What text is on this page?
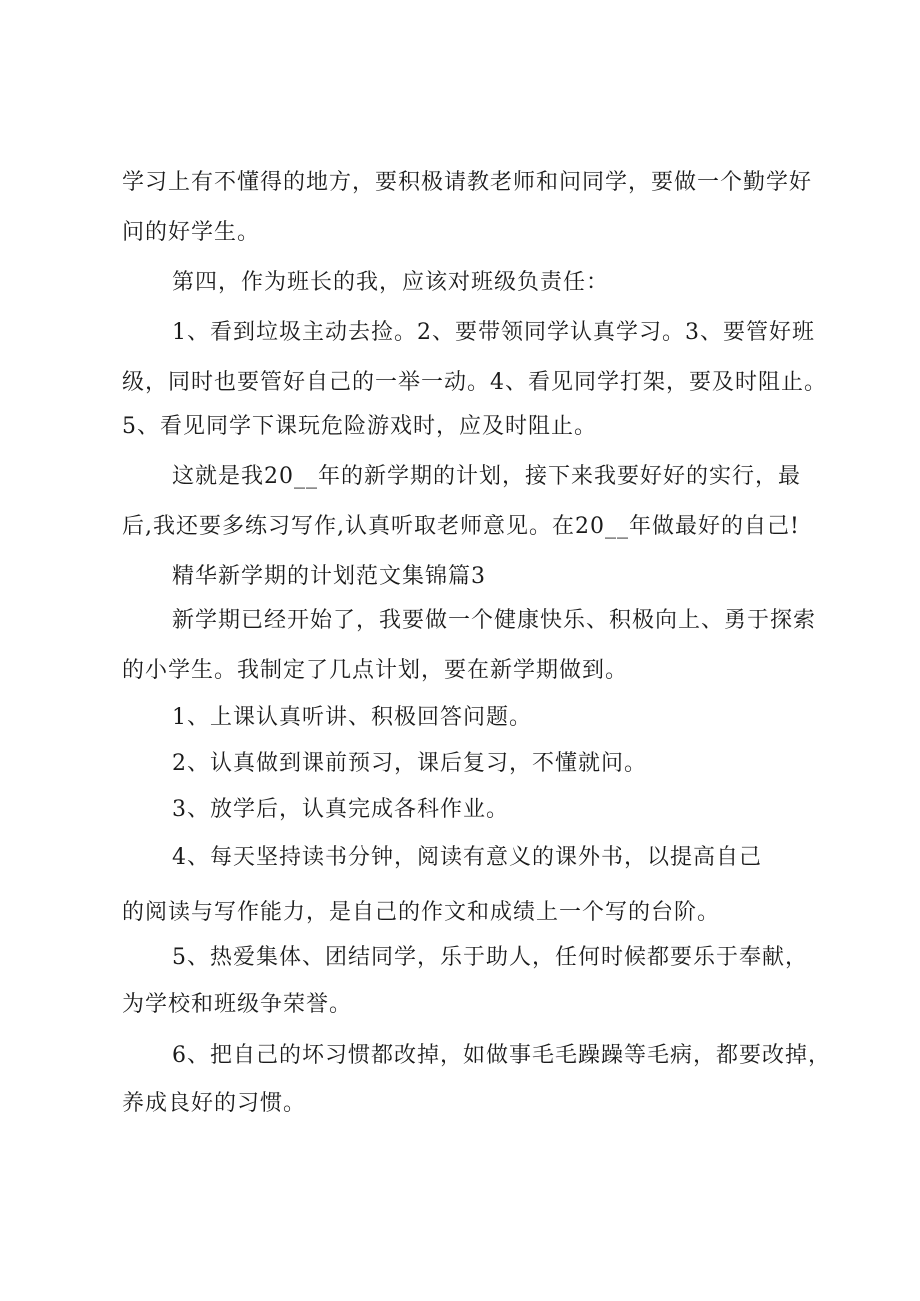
学习上有不懂得的地方，要积极请教老师和问同学，要做一个勤学好
问的好学生。
第四，作为班长的我，应该对班级负责任：
1、看到垃圾主动去捡。2、要带领同学认真学习。3、要管好班
级，同时也要管好自己的一举一动。4、看见同学打架，要及时阻止。
5、看见同学下课玩危险游戏时，应及时阻止。
这就是我20__年的新学期的计划，接下来我要好好的实行，最
后,我还要多练习写作,认真听取老师意见。在20__年做最好的自己!
精华新学期的计划范文集锦篇3
新学期已经开始了，我要做一个健康快乐、积极向上、勇于探索
的小学生。我制定了几点计划，要在新学期做到。
1、上课认真听讲、积极回答问题。
2、认真做到课前预习，课后复习，不懂就问。
3、放学后，认真完成各科作业。
4、每天坚持读书分钟，阅读有意义的课外书，以提高自己
的阅读与写作能力，是自己的作文和成绩上一个写的台阶。
5、热爱集体、团结同学，乐于助人，任何时候都要乐于奉献，
为学校和班级争荣誉。
6、把自己的坏习惯都改掉，如做事毛毛躁躁等毛病，都要改掉，
养成良好的习惯。
